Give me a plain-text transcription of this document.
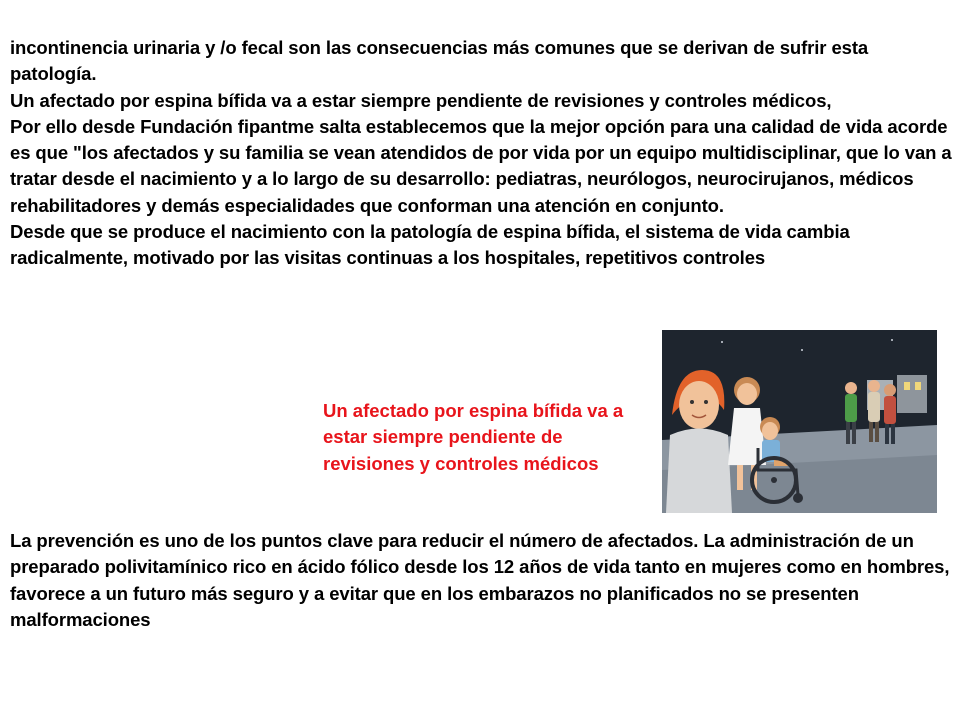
incontinencia urinaria y /o fecal son las consecuencias más comunes que se derivan de sufrir esta patología.

Un afectado por espina bífida va a estar siempre pendiente de revisiones y controles médicos,

Por ello desde Fundación fipantme salta establecemos que la mejor opción para una calidad de vida acorde es que "los afectados y su familia se vean atendidos de por vida por un equipo multidisciplinar, que lo van a tratar desde el nacimiento y a lo largo de su desarrollo: pediatras, neurólogos, neurocirujanos, médicos rehabilitadores y demás especialidades que conforman una atención en conjunto.

Desde que se produce el nacimiento con la patología de espina bífida, el sistema de vida cambia radicalmente, motivado por las visitas continuas a los hospitales, repetitivos controles

Un afectado por espina bífida va a estar siempre pendiente de revisiones y controles médicos

La prevención es uno de los puntos clave para reducir el número de afectados. La administración de un preparado polivitamínico rico en ácido fólico desde los 12 años de vida tanto en mujeres como en hombres, favorece a un futuro más seguro y a evitar que en los embarazos no planificados no se presenten malformaciones
